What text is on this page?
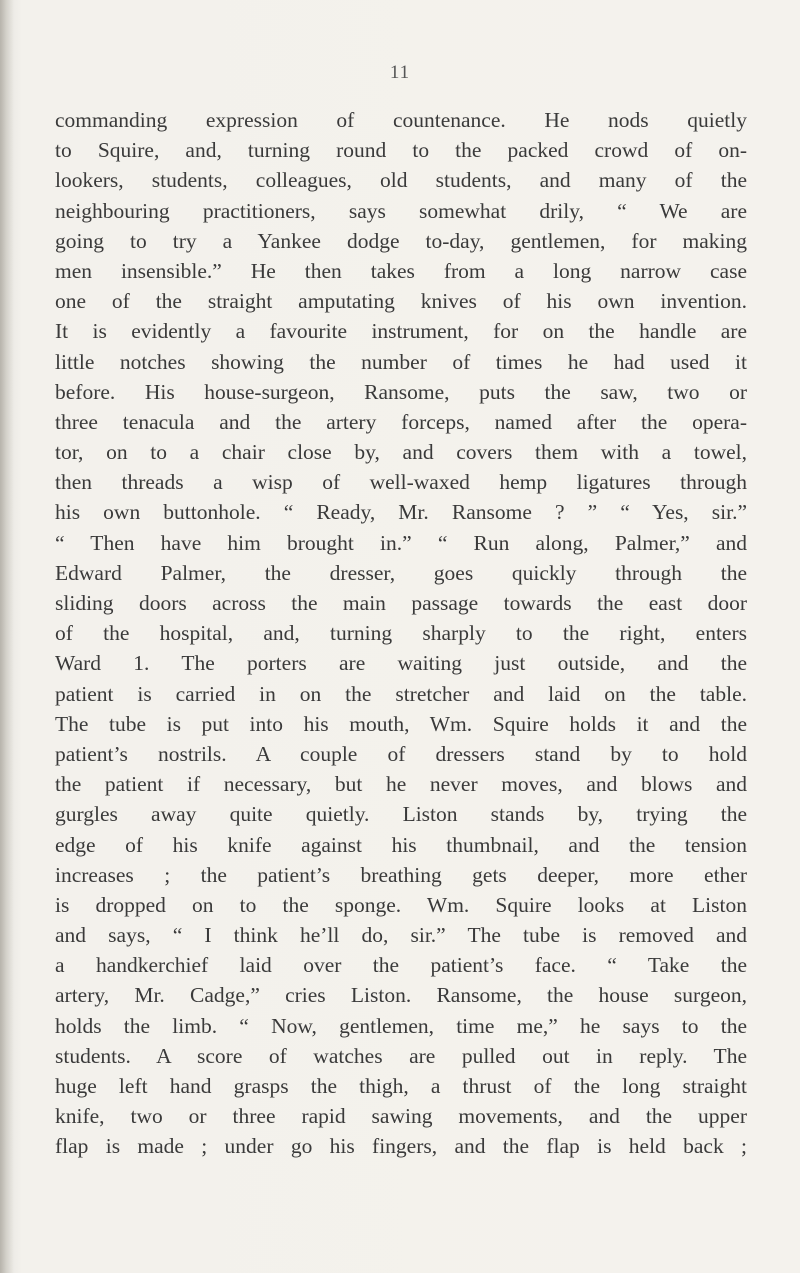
11
commanding expression of countenance. He nods quietly
to Squire, and, turning round to the packed crowd of on-
lookers, students, colleagues, old students, and many of the
neighbouring practitioners, says somewhat drily, “ We are
going to try a Yankee dodge to-day, gentlemen, for making
men insensible.” He then takes from a long narrow case
one of the straight amputating knives of his own invention.
It is evidently a favourite instrument, for on the handle are
little notches showing the number of times he had used it
before. His house-surgeon, Ransome, puts the saw, two or
three tenacula and the artery forceps, named after the opera-
tor, on to a chair close by, and covers them with a towel,
then threads a wisp of well-waxed hemp ligatures through
his own buttonhole. “ Ready, Mr. Ransome ? ” “ Yes, sir.”
“ Then have him brought in.” “ Run along, Palmer,” and
Edward Palmer, the dresser, goes quickly through the
sliding doors across the main passage towards the east door
of the hospital, and, turning sharply to the right, enters
Ward 1. The porters are waiting just outside, and the
patient is carried in on the stretcher and laid on the table.
The tube is put into his mouth, Wm. Squire holds it and the
patient’s nostrils. A couple of dressers stand by to hold
the patient if necessary, but he never moves, and blows and
gurgles away quite quietly. Liston stands by, trying the
edge of his knife against his thumbnail, and the tension
increases ; the patient’s breathing gets deeper, more ether
is dropped on to the sponge. Wm. Squire looks at Liston
and says, “ I think he’ll do, sir.” The tube is removed and
a handkerchief laid over the patient’s face. “ Take the
artery, Mr. Cadge,” cries Liston. Ransome, the house surgeon,
holds the limb. “ Now, gentlemen, time me,” he says to the
students. A score of watches are pulled out in reply. The
huge left hand grasps the thigh, a thrust of the long straight
knife, two or three rapid sawing movements, and the upper
flap is made ; under go his fingers, and the flap is held back ;
